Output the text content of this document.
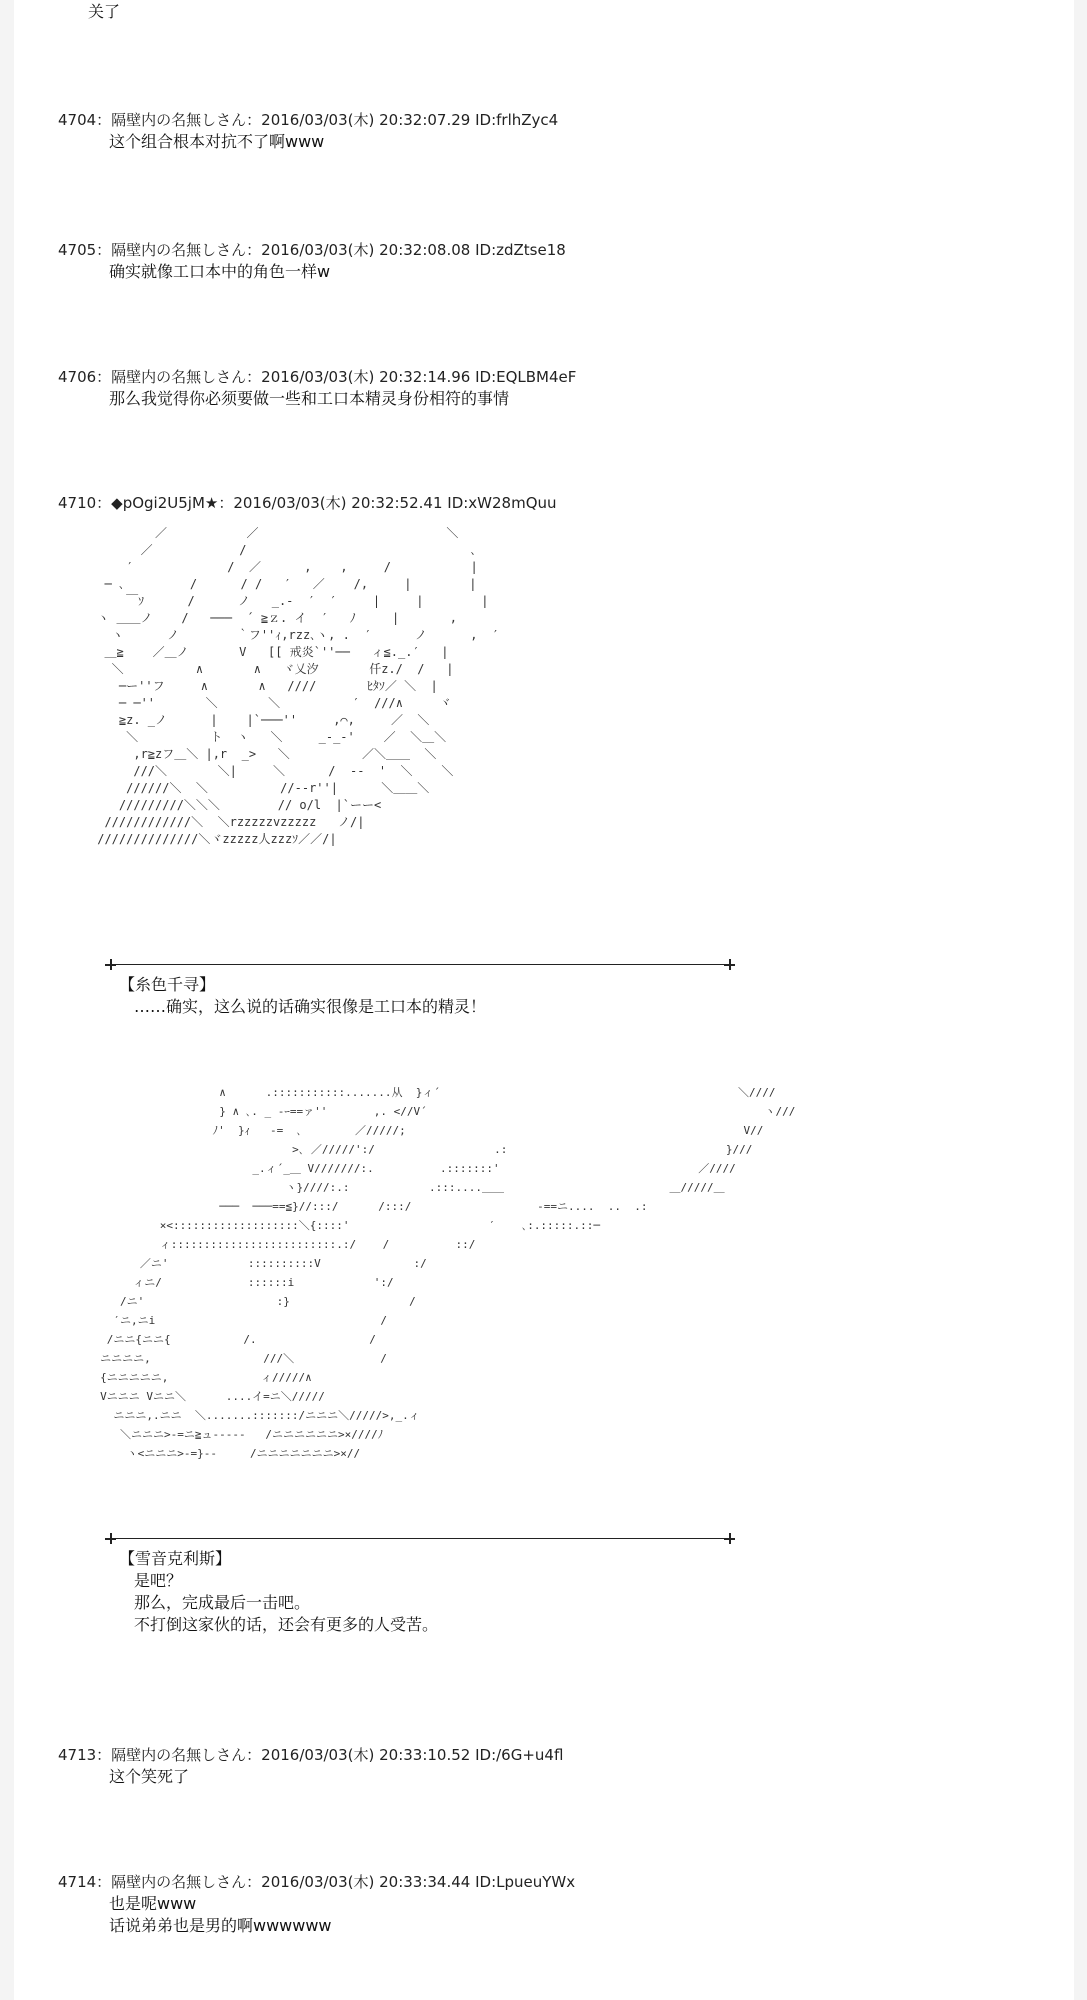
关了
4704：隔壁内の名無しさん：2016/03/03(木) 20:32:07.29 ID:frlhZyc4
这个组合根本对抗不了啊www
4705：隔壁内の名無しさん：2016/03/03(木) 20:32:08.08 ID:zdZtse18
确实就像工口本中的角色一样w
4706：隔壁内の名無しさん：2016/03/03(木) 20:32:14.96 ID:EQLBM4eF
那么我觉得你必须要做一些和工口本精灵身份相符的事情
4710：◆pOgi2U5jM★：2016/03/03(木) 20:32:52.41 ID:xW28mQuu
／           ／                          ＼
／            /                               ､
′             /  ／      ,    ,     /           |
─ ､         /      / /   ′   ／    /,     |        |
￣ｿ      /      ノ   _.-  ′  ′     |     |        |
ヽ ＿＿ノ    /   ───  ´ ≧ｚ. イ  ′   ﾉ     |       ,
ヽ      ノ        ｀フ''ｨ,rzz､ヽ, .  ′      ノ      ,  ′
＿≧    ／＿ノ       V   [[ 戒炎`''──   ィ≦._.′   |
＼          ∧       ∧   ヾ乂汐       仟z./  /   |
─ー''フ     ∧       ∧   ////       ﾋﾀｿ／ ＼  |
─ ─''       ＼       ＼          ′  ///∧     ヾ
≧z. _ノ      |    |`───''     ,⌒,     ／  ＼
＼          ト  ヽ   ＼     _-_-'    ／  ＼＿＼
,r≧zフ＿＼ |,r  _>   ＼          ／＼＿＿  ＼
///＼       ＼|     ＼      /  --  '  ＼    ＼
//////＼  ＼          //--r''|      ＼＿＿＼
/////////＼＼＼        // o/l  |`ーー<
////////////＼  ＼rzzzzzvzzzzz   ノ/|
//////////////＼ヾzzzzz人zzzｿ／／/|
【糸色千寻】
……确实，这么说的话确实很像是工口本的精灵！
∧      .:::::::::::.......从  }ィ´                                             ＼////
} ∧ ､. _ -ｰ==ァ''       ,. <//V´                                                   ヽ///
ﾉ'  }ｨ   -=  ､        ／/////;                                                   V//
>､ ／/////':/                  .:                                 }///
_.ィ´_＿ V///////:.          .:::::::'                              ／////
ヽ}////:.:            .:::....＿＿                         ＿/////＿
───  ───==≦}//:::/      /:::/                   -==ニ....  ..  .:
×<:::::::::::::::::::＼{::::'                     ′    ､:.:::::.::─
ィ:::::::::::::::::::::::::.:/    /          ::/
／ニ'            ::::::::::V              :/
ィニ/             ::::::i            ':/
/ニ'                    :}                  /
′ニ,ニi                                  /
/ニニ{ニニ{           /.                 /
ニニニニ,                 ///＼             /
{ニニニニニ,              ィ/////∧
Vニニニ Vニニ＼      ....イ=ニ＼/////
ニニニ,.ニニ  ＼.......:::::::/ニニニ＼/////>,_.ィ
＼ニニニ>-=ニ≧ュ-----   /ニニニニニニ>×////ﾉ
ヽ<ニニニ>-=}--     /ニニニニニニニ>×//
【雪音克利斯】
是吧？
那么，完成最后一击吧。
不打倒这家伙的话，还会有更多的人受苦。
4713：隔壁内の名無しさん：2016/03/03(木) 20:33:10.52 ID:/6G+u4fl
这个笑死了
4714：隔壁内の名無しさん：2016/03/03(木) 20:33:34.44 ID:LpueuYWx
也是呢www
话说弟弟也是男的啊wwwwww
